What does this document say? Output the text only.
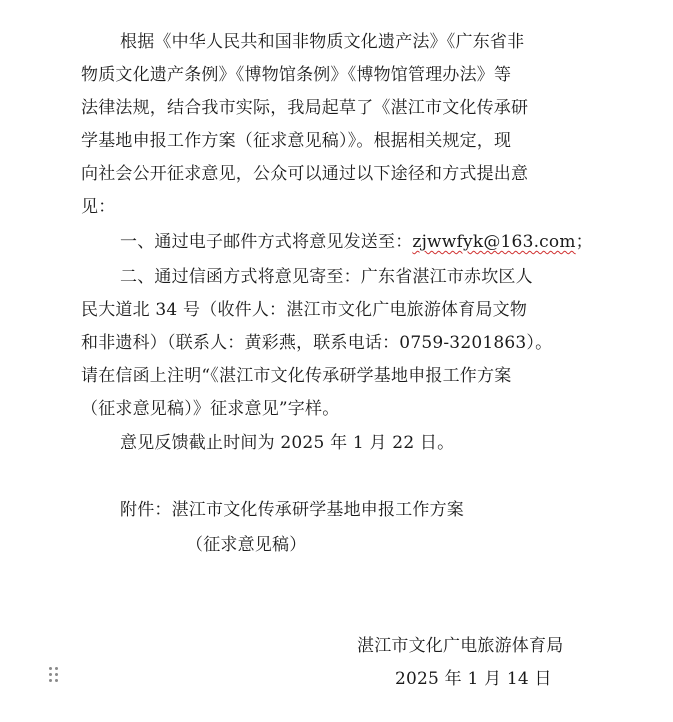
根据《中华人民共和国非物质文化遗产法》《广东省非
物质文化遗产条例》《博物馆条例》《博物馆管理办法》等
法律法规，结合我市实际，我局起草了《湛江市文化传承研
学基地申报工作方案（征求意见稿）》。根据相关规定，现
向社会公开征求意见，公众可以通过以下途径和方式提出意
见：
一、通过电子邮件方式将意见发送至：zjwwfyk@163.com；
二、通过信函方式将意见寄至：广东省湛江市赤坎区人
民大道北 34 号（收件人：湛江市文化广电旅游体育局文物
和非遗科）（联系人：黄彩燕，联系电话：0759-3201863）。
请在信函上注明“《湛江市文化传承研学基地申报工作方案
（征求意见稿）》征求意见”字样。
意见反馈截止时间为 2025 年 1 月 22 日。
附件：湛江市文化传承研学基地申报工作方案
（征求意见稿）
湛江市文化广电旅游体育局
2025 年 1 月 14 日
